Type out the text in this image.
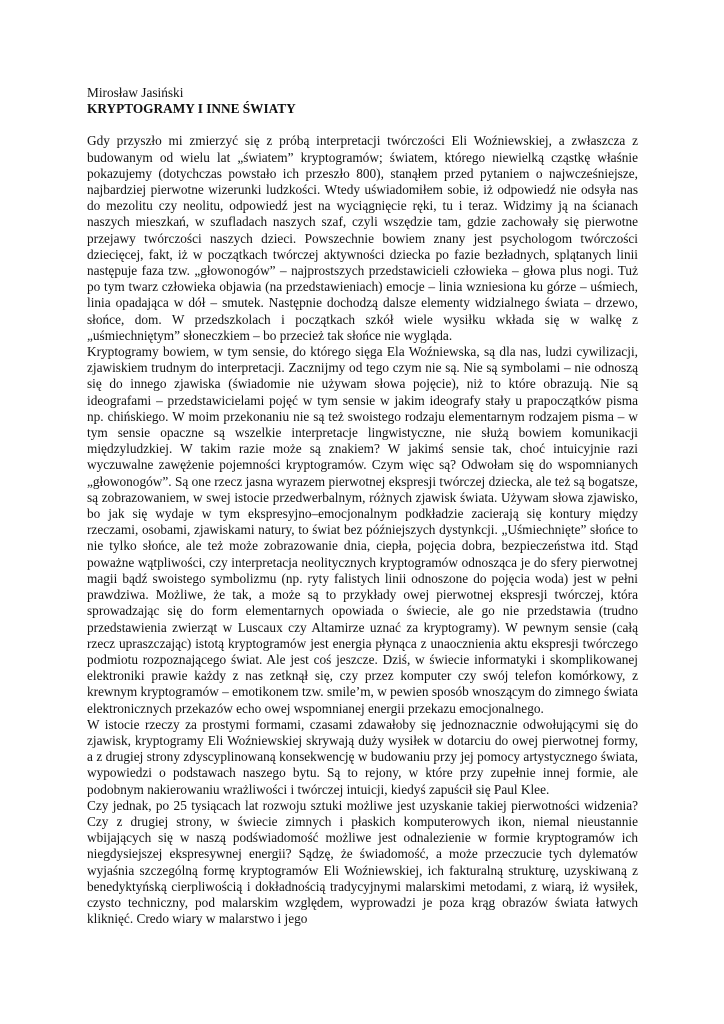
Mirosław Jasiński

KRYPTOGRAMY I INNE ŚWIATY

Gdy przyszło mi zmierzyć się z próbą interpretacji twórczości Eli Woźniewskiej, a zwłaszcza z budowanym od wielu lat „światem” kryptogramów; światem, którego niewielką cząstkę właśnie pokazujemy (dotychczas powstało ich przeszło 800), stanąłem przed pytaniem o najwcześniejsze, najbardziej pierwotne wizerunki ludzkości. Wtedy uświadomiłem sobie, iż odpowiedź nie odsyła nas do mezolitu czy neolitu, odpowiedź jest na wyciągnięcie ręki, tu i teraz. Widzimy ją na ścianach naszych mieszkań, w szufladach naszych szaf, czyli wszędzie tam, gdzie zachowały się pierwotne przejawy twórczości naszych dzieci. Powszechnie bowiem znany jest psychologom twórczości dziecięcej, fakt, iż w początkach twórczej aktywności dziecka po fazie bezładnych, splątanych linii następuje faza tzw. „głowonogów” – najprostszych przedstawicieli człowieka – głowa plus nogi. Tuż po tym twarz człowieka objawia (na przedstawieniach) emocje – linia wzniesiona ku górze – uśmiech, linia opadająca w dół – smutek. Następnie dochodzą dalsze elementy widzialnego świata – drzewo, słońce, dom. W przedszkolach i początkach szkół wiele wysiłku wkłada się w walkę z „uśmiechniętym” słoneczkiem – bo przecież tak słońce nie wygląda.

Kryptogramy bowiem, w tym sensie, do którego sięga Ela Woźniewska, są dla nas, ludzi cywilizacji, zjawiskiem trudnym do interpretacji. Zacznijmy od tego czym nie są. Nie są symbolami – nie odnoszą się do innego zjawiska (świadomie nie używam słowa pojęcie), niż to które obrazują. Nie są ideografami – przedstawicielami pojęć w tym sensie w jakim ideografy stały u prapoczątków pisma np. chińskiego. W moim przekonaniu nie są też swoistego rodzaju elementarnym rodzajem pisma – w tym sensie opaczne są wszelkie interpretacje lingwistyczne, nie służą bowiem komunikacji międzyludzkiej. W takim razie może są znakiem? W jakimś sensie tak, choć intuicyjnie razi wyczuwalne zawężenie pojemności kryptogramów. Czym więc są? Odwołam się do wspomnianych „głowonogów”. Są one rzecz jasna wyrazem pierwotnej ekspresji twórczej dziecka, ale też są bogatsze, są zobrazowaniem, w swej istocie przedwerbalnym, różnych zjawisk świata. Używam słowa zjawisko, bo jak się wydaje w tym ekspresyjno–emocjonalnym podkładzie zacierają się kontury między rzeczami, osobami, zjawiskami natury, to świat bez późniejszych dystynkcji. „Uśmiechnięte” słońce to nie tylko słońce, ale też może zobrazowanie dnia, ciepła, pojęcia dobra, bezpieczeństwa itd. Stąd poważne wątpliwości, czy interpretacja neolitycznych kryptogramów odnosząca je do sfery pierwotnej magii bądź swoistego symbolizmu (np. ryty falistych linii odnoszone do pojęcia woda) jest w pełni prawdziwa. Możliwe, że tak, a może są to przykłady owej pierwotnej ekspresji twórczej, która sprowadzając się do form elementarnych opowiada o świecie, ale go nie przedstawia (trudno przedstawienia zwierząt w Luscaux czy Altamirze uznać za kryptogramy). W pewnym sensie (całą rzecz upraszczając) istotą kryptogramów jest energia płynąca z unaocznienia aktu ekspresji twórczego podmiotu rozpoznającego świat. Ale jest coś jeszcze. Dziś, w świecie informatyki i skomplikowanej elektroniki prawie każdy z nas zetknął się, czy przez komputer czy swój telefon komórkowy, z krewnym kryptogramów – emotikonem tzw. smile’m, w pewien sposób wnoszącym do zimnego świata elektronicznych przekazów echo owej wspomnianej energii przekazu emocjonalnego.

W istocie rzeczy za prostymi formami, czasami zdawałoby się jednoznacznie odwołującymi się do zjawisk, kryptogramy Eli Woźniewskiej skrywają duży wysiłek w dotarciu do owej pierwotnej formy, a z drugiej strony zdyscyplinowaną konsekwencję w budowaniu przy jej pomocy artystycznego świata, wypowiedzi o podstawach naszego bytu. Są to rejony, w które przy zupełnie innej formie, ale podobnym nakierowaniu wrażliwości i twórczej intuicji, kiedyś zapuścił się Paul Klee.

Czy jednak, po 25 tysiącach lat rozwoju sztuki możliwe jest uzyskanie takiej pierwotności widzenia? Czy z drugiej strony, w świecie zimnych i płaskich komputerowych ikon, niemal nieustannie wbijających się w naszą podświadomość możliwe jest odnalezienie w formie kryptogramów ich niegdysiejszej ekspresywnej energii? Sądzę, że świadomość, a może przeczucie tych dylematów wyjaśnia szczególną formę kryptogramów Eli Woźniewskiej, ich fakturalną strukturę, uzyskiwaną z benedyktyńską cierpliwością i dokładnością tradycyjnymi malarskimi metodami, z wiarą, iż wysiłek, czysto techniczny, pod malarskim względem, wyprowadzi je poza krąg obrazów świata łatwych kliknięć. Credo wiary w malarstwo i jego
